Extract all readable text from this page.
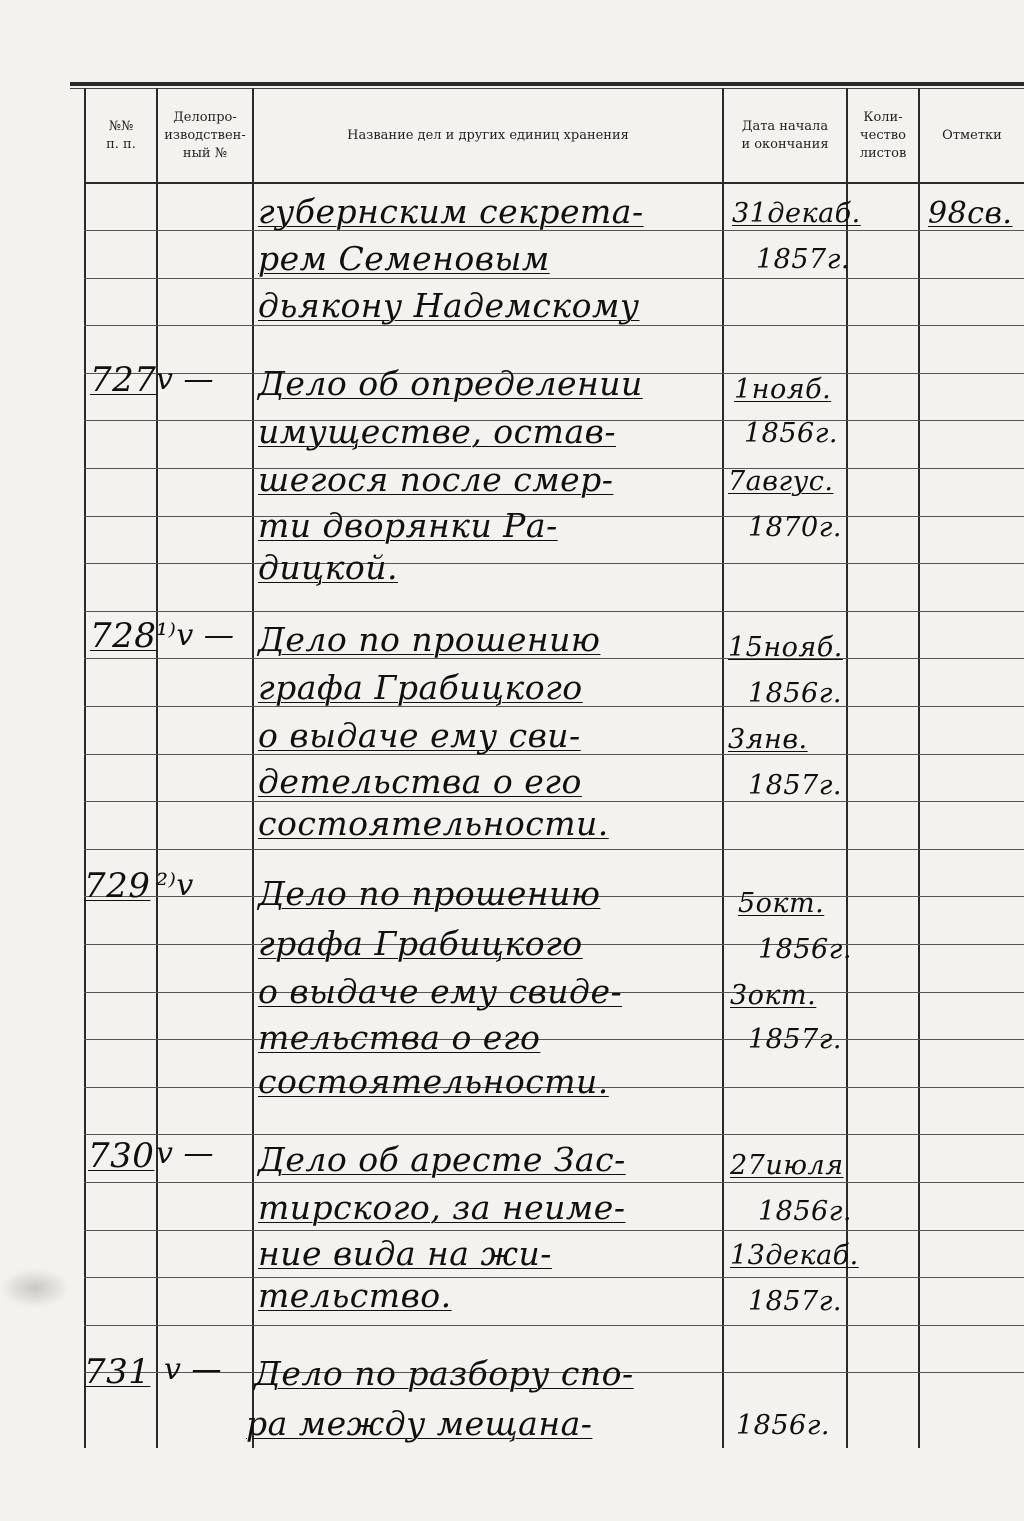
№№
п. п.
Делопро-
изводствен-
ный №
Название дел и других единиц хранения
Дата начала
и окончания
Коли-
чество
листов
Отметки
губернским секрета-
рем Семеновым
дьякону Надемскому
31декаб.
1857г.
98св.
727 v — Дело об определении
имуществе, остав-
шегося после смер-
ти дворянки Ра-
дицкой.
1нояб.
1856г.
7авгус.
1870г.
728 ¹⁾v — Дело по прошению
графа Грабицкого
о выдаче ему сви-
детельства о его
состоятельности.
15нояб.
1856г.
3янв.
1857г.
729 ²⁾v Дело по прошению
графа Грабицкого
о выдаче ему свиде-
тельства о его
состоятельности.
5окт.
1856г.
3окт.
1857г.
730 v — Дело об аресте Зас-
тирского, за неиме-
ние вида на жи-
тельство.
27июля
1856г.
13декаб.
1857г.
731 v — Дело по разбору спо-
ра между мещана-	1856г.
